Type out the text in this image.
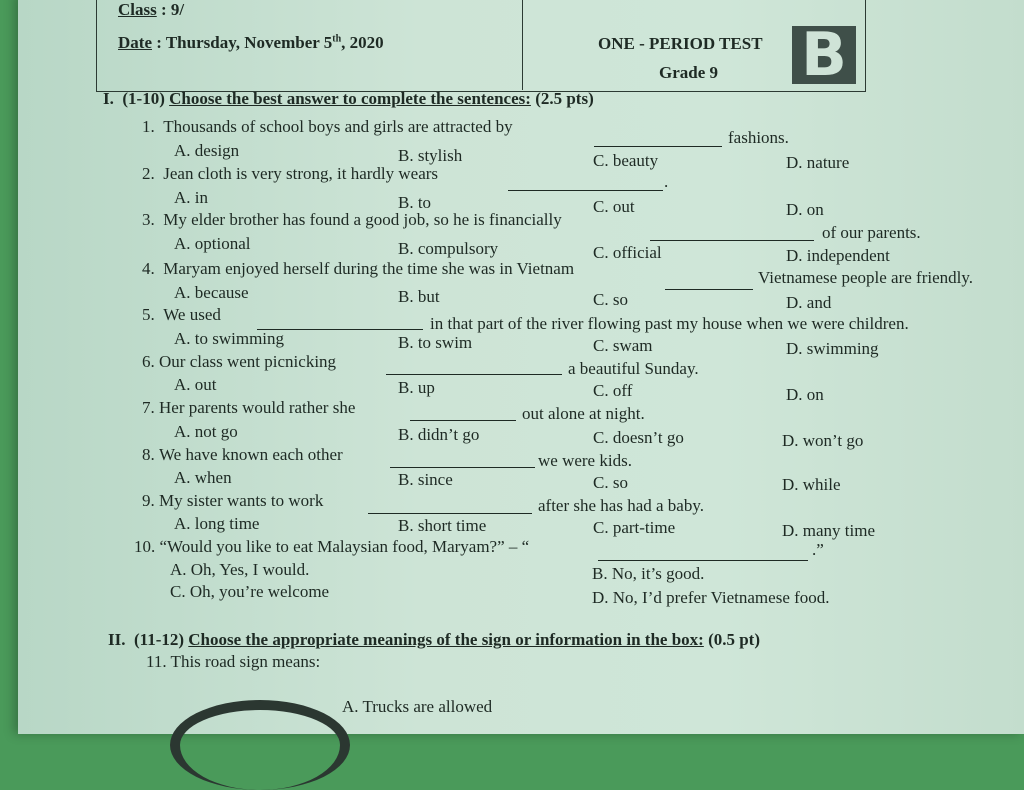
Class : 9/
Date : Thursday, November 5th, 2020	ONE - PERIOD TEST
Grade 9 B
I. (1-10) Choose the best answer to complete the sentences: (2.5 pts)
1. Thousands of school boys and girls are attracted by
fashions.
A. design	B. stylish	C. beauty	D. nature
2. Jean cloth is very strong, it hardly wears	.
A. in	B. to	C. out	D. on
3. My elder brother has found a good job, so he is financially
of our parents.
A. optional	B. compulsory	C. official	D. independent
4. Maryam enjoyed herself during the time she was in Vietnam	Vietnamese people are friendly.
A. because	B. but	C. so	D. and
5. We used	in that part of the river flowing past my house when we were children.
A. to swimming	B. to swim	C. swam	D. swimming
6. Our class went picnicking	a beautiful Sunday.
A. out	B. up	C. off	D. on
7. Her parents would rather she	out alone at night.
A. not go	B. didn’t go	C. doesn’t go	D. won’t go
8. We have known each other	we were kids.
A. when	B. since	C. so	D. while
9. My sister wants to work	after she has had a baby.
A. long time	B. short time	C. part-time	D. many time
10. “Would you like to eat Malaysian food, Maryam?” – “	.”
A. Oh, Yes, I would.	B. No, it’s good.
C. Oh, you’re welcome	D. No, I’d prefer Vietnamese food.
II. (11-12) Choose the appropriate meanings of the sign or information in the box: (0.5 pt)
11. This road sign means:
A. Trucks are allowed
